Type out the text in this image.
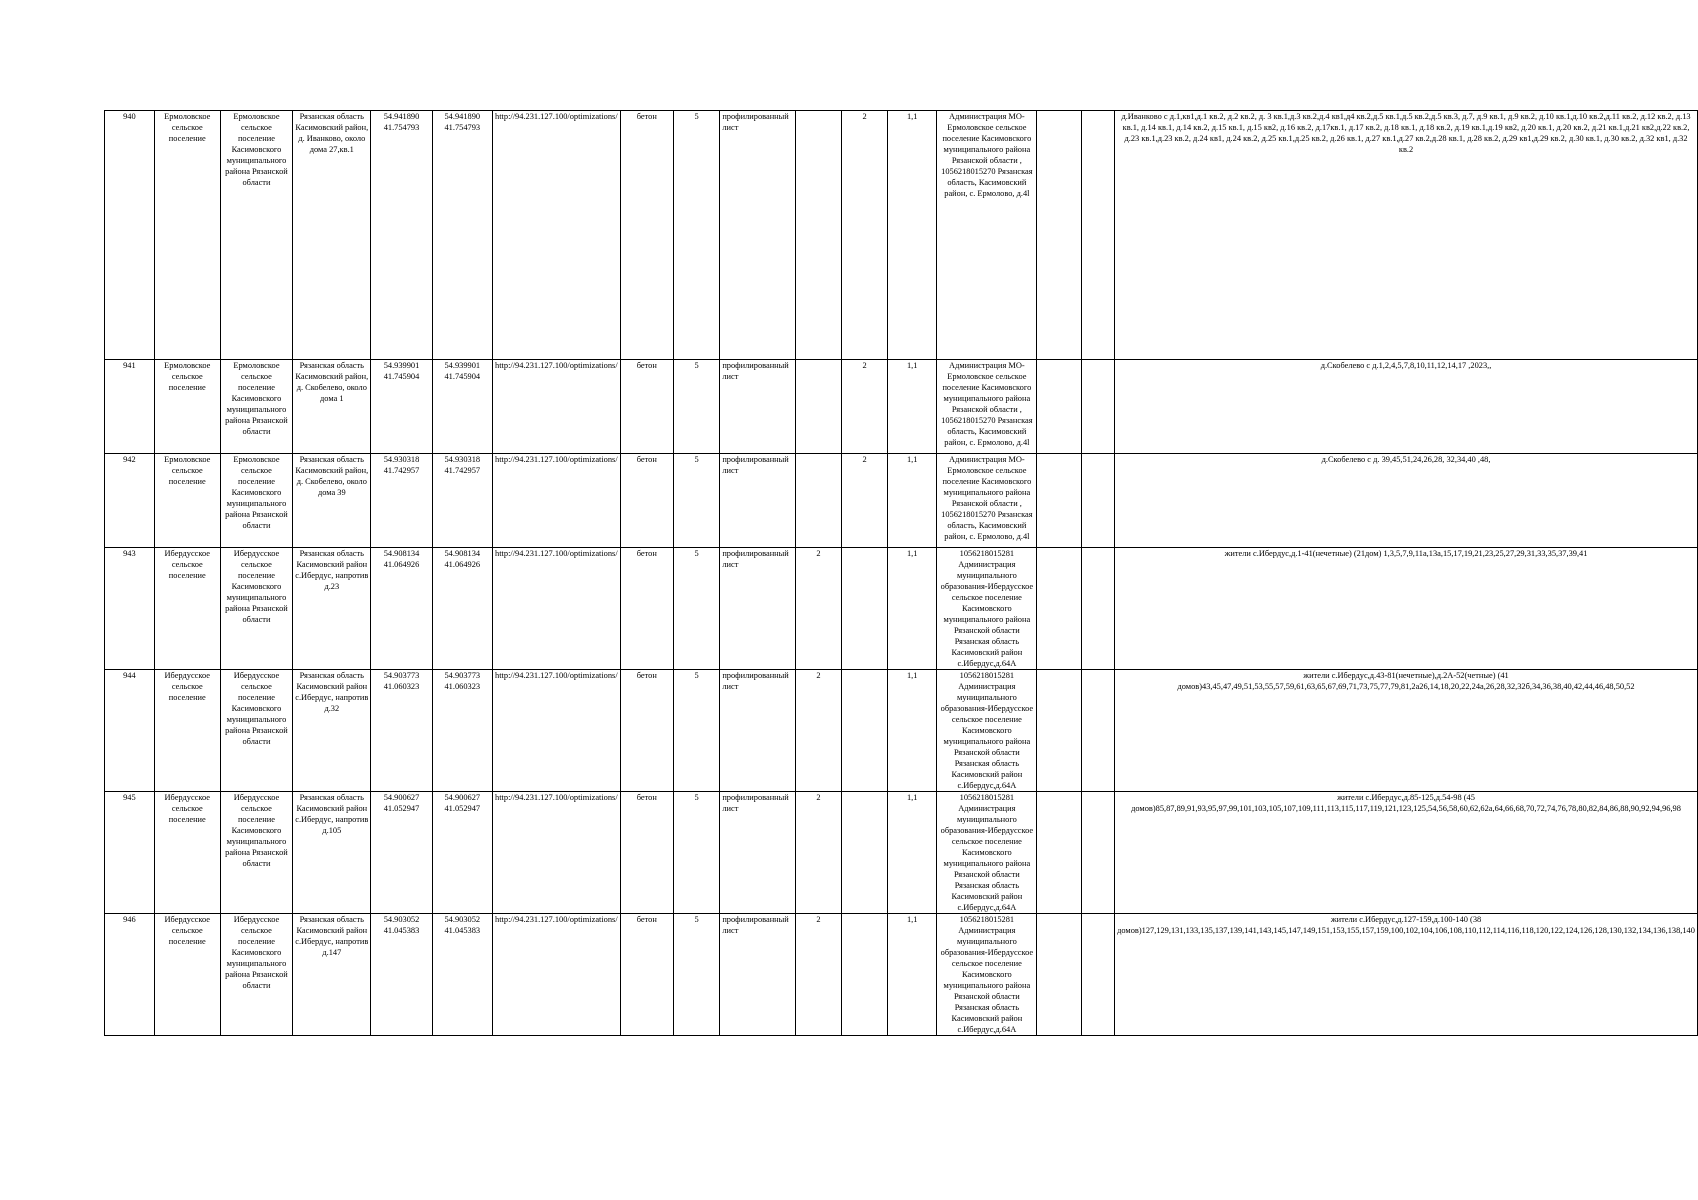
940	Ермоловское сельское поселение	Ермоловское сельское поселение Касимовского муниципального района Рязанской области	Рязанская область Касимовский район, д. Иванково, около дома 27,кв.1	54.941890 41.754793	54.941890 41.754793	http://94.231.127.100/optimizations/	бетон	5	профилированный лист		2	1,1	Администрация МО-Ермоловское сельское поселение Касимовского муниципального района Рязанской области , 1056218015270 Рязанская область, Касимовский район, с. Ермолово, д.4l			д.Иванково с д.1,кв1,д.1 кв.2, д.2 кв.2, д. 3 кв.1,д.3 кв.2,д.4 кв1,д4 кв.2,д.5 кв.1,д.5 кв.2,д.5 кв.3, д.7, д.9 кв.1, д.9 кв.2, д.10 кв.1,д.10 кв.2,д.11 кв.2, д.12 кв.2, д.13 кв.1, д.14 кв.1, д.14 кв.2, д.15 кв.1, д.15 кв2, д.16 кв.2, д.17кв.1, д.17 кв.2, д.18 кв.1, д.18 кв.2, д.19 кв.1,д.19 кв2, д.20 кв.1, д.20 кв.2, д.21 кв.1,д.21 кв2,д.22 кв.2, д.23 кв.1,д.23 кв.2, д.24 кв1, д.24 кв.2, д.25 кв.1,д.25 кв.2, д.26 кв.1, д.27 кв.1,д.27 кв.2,д.28 кв.1, д.28 кв.2, д.29 кв1,д.29 кв.2, д.30 кв.1, д.30 кв.2, д.32 кв1, д.32 кв.2
941	Ермоловское сельское поселение	Ермоловское сельское поселение Касимовского муниципального района Рязанской области	Рязанская область Касимовский район, д. Скобелево, около дома 1	54.939901 41.745904	54.939901 41.745904	http://94.231.127.100/optimizations/	бетон	5	профилированный лист		2	1,1	Администрация МО-Ермоловское сельское поселение Касимовского муниципального района Рязанской области , 1056218015270 Рязанская область, Касимовский район, с. Ермолово, д.4l			д.Скобелево с д.1,2,4,5,7,8,10,11,12,14,17 ,2023,,
942	Ермоловское сельское поселение	Ермоловское сельское поселение Касимовского муниципального района Рязанской области	Рязанская область Касимовский район, д. Скобелево, около дома 39	54.930318 41.742957	54.930318 41.742957	http://94.231.127.100/optimizations/	бетон	5	профилированный лист		2	1,1	Администрация МО-Ермоловское сельское поселение Касимовского муниципального района Рязанской области , 1056218015270 Рязанская область, Касимовский район, с. Ермолово, д.4l			д.Скобелево с д. 39,45,51,24,26,28, 32,34,40 ,48,
943	Ибердусское сельское поселение	Ибердусское сельское поселение Касимовского муниципального района Рязанской области	Рязанская область Касимовский район с.Ибердус, напротив д.23	54.908134 41.064926	54.908134 41.064926	http://94.231.127.100/optimizations/	бетон	5	профилированный лист	2		1,1	1056218015281 Администрация муниципального образования-Ибердусское сельское поселение Касимовского муниципального района Рязанской области Рязанская область Касимовский район с.Ибердус,д.64А			жители с.Ибердус,д.1-41(нечетные) (21дом) 1,3,5,7,9,11а,13а,15,17,19,21,23,25,27,29,31,33,35,37,39,41
944	Ибердусское сельское поселение	Ибердусское сельское поселение Касимовского муниципального района Рязанской области	Рязанская область Касимовский район с.Ибердус, напротив д.32	54.903773 41.060323	54.903773 41.060323	http://94.231.127.100/optimizations/	бетон	5	профилированный лист	2		1,1	1056218015281 Администрация муниципального образования-Ибердусское сельское поселение Касимовского муниципального района Рязанской области Рязанская область Касимовский район с.Ибердус,д.64А			жители с.Ибердус,д.43-81(нечетные),д.2А-52(четные) (41 домов)43,45,47,49,51,53,55,57,59,61,63,65,67,69,71,73,75,77,79,81,2а26,14,18,20,22,24а,26,28,32,32б,34,36,38,40,42,44,46,48,50,52
945	Ибердусское сельское поселение	Ибердусское сельское поселение Касимовского муниципального района Рязанской области	Рязанская область Касимовский район с.Ибердус, напротив д.105	54.900627 41.052947	54.900627 41.052947	http://94.231.127.100/optimizations/	бетон	5	профилированный лист	2		1,1	1056218015281 Администрация муниципального образования-Ибердусское сельское поселение Касимовского муниципального района Рязанской области Рязанская область Касимовский район с.Ибердус,д.64А			жители с.Ибердус,д.85-125,д.54-98 (45 домов)85,87,89,91,93,95,97,99,101,103,105,107,109,111,113,115,117,119,121,123,125,54,56,58,60,62,62а,64,66,68,70,72,74,76,78,80,82,84,86,88,90,92,94,96,98
946	Ибердусское сельское поселение	Ибердусское сельское поселение Касимовского муниципального района Рязанской области	Рязанская область Касимовский район с.Ибердус, напротив д.147	54.903052 41.045383	54.903052 41.045383	http://94.231.127.100/optimizations/	бетон	5	профилированный лист	2		1,1	1056218015281 Администрация муниципального образования-Ибердусское сельское поселение Касимовского муниципального района Рязанской области Рязанская область Касимовский район с.Ибердус,д.64А			жители с.Ибердус,д.127-159,д.100-140 (38 домов)127,129,131,133,135,137,139,141,143,145,147,149,151,153,155,157,159,100,102,104,106,108,110,112,114,116,118,120,122,124,126,128,130,132,134,136,138,140
